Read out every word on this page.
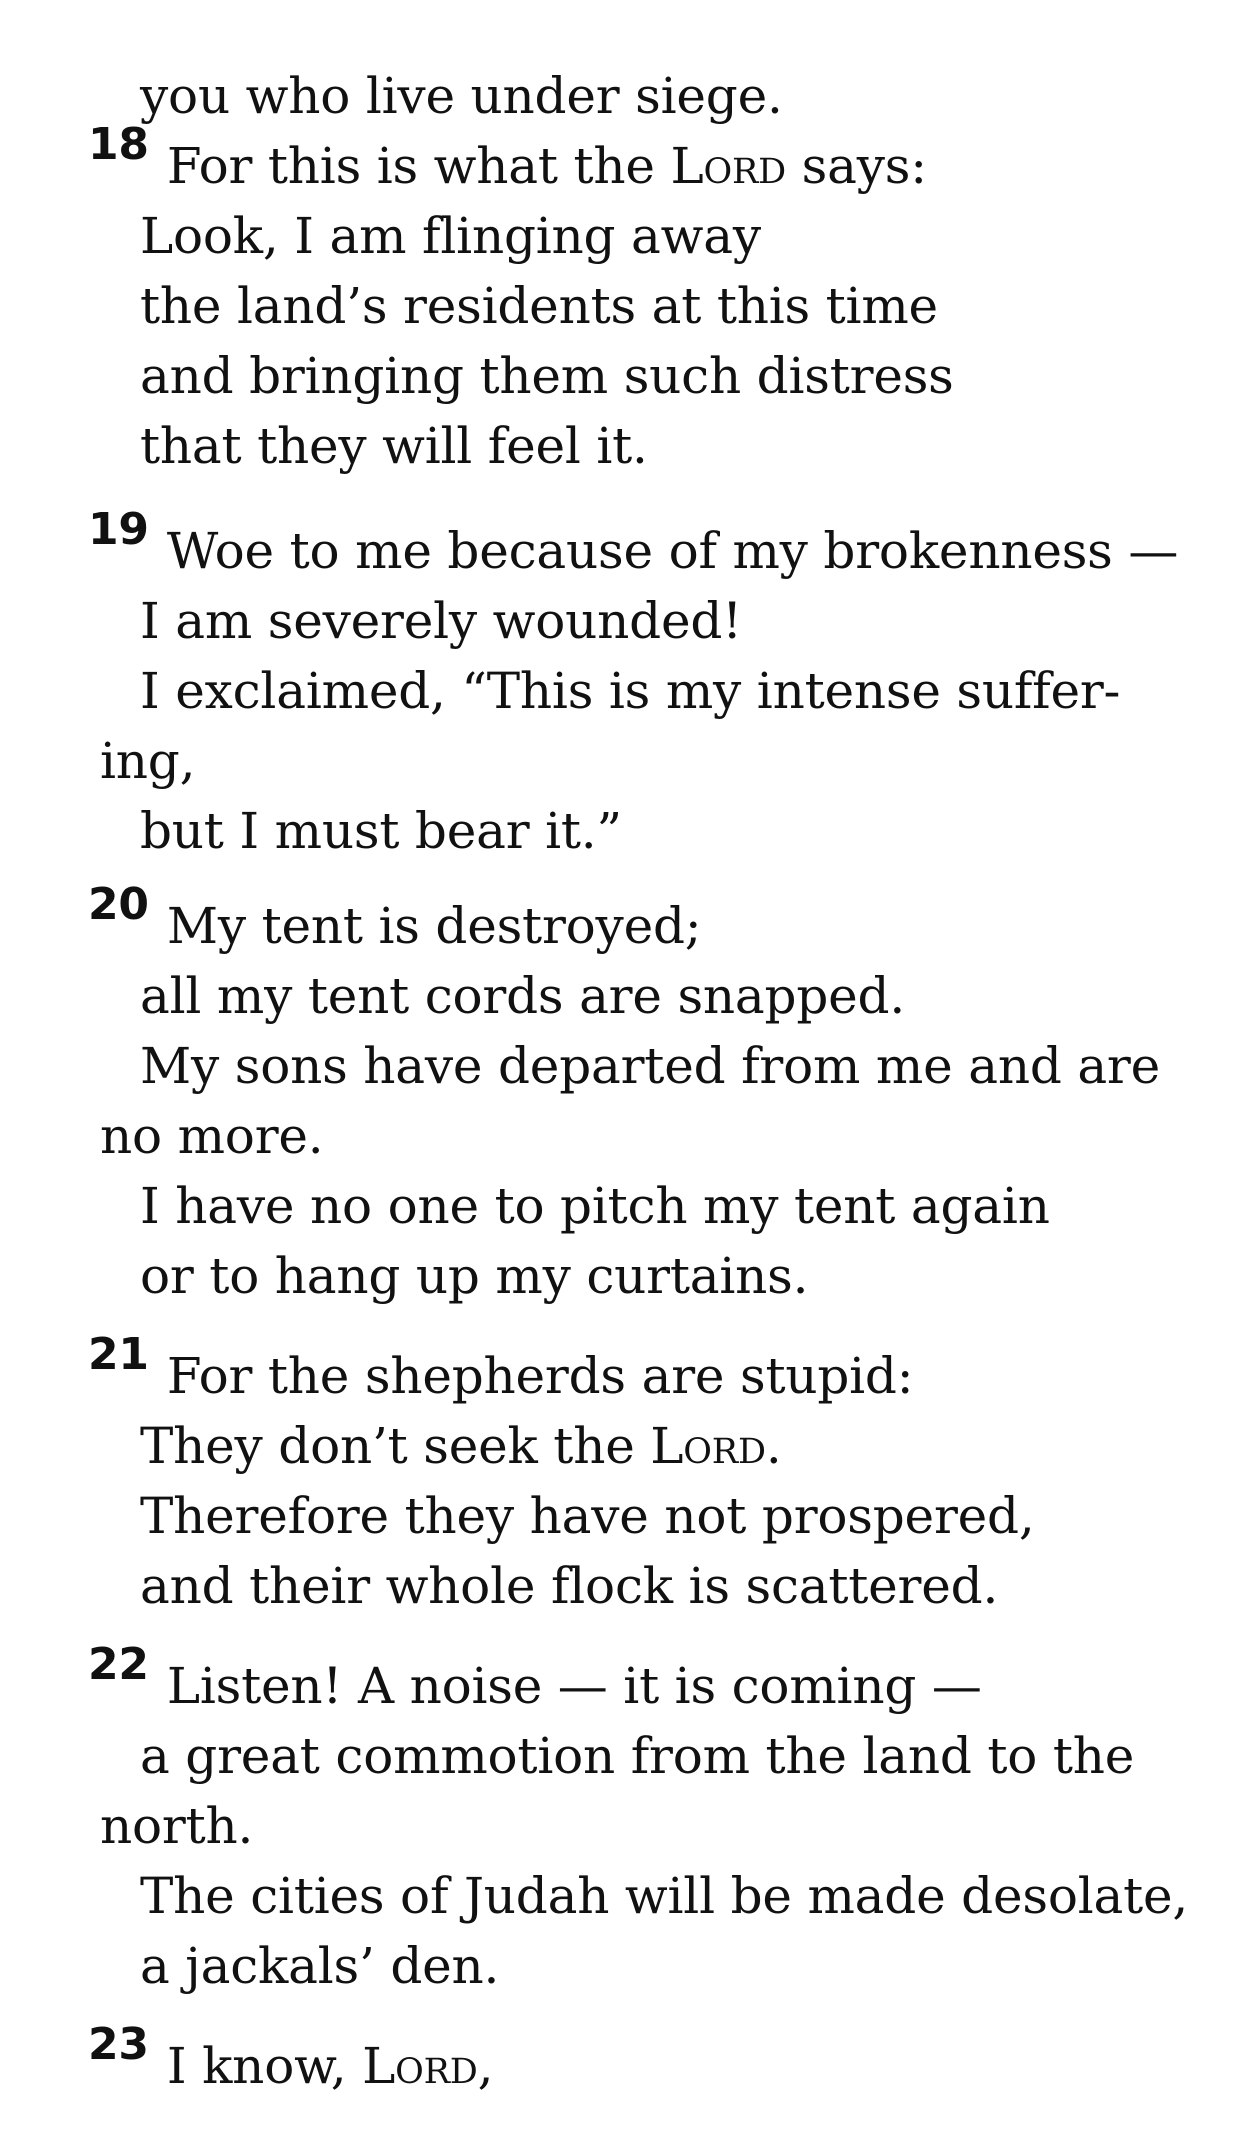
you who live under siege.
18 For this is what the Lord says:
Look, I am flinging away
the land’s residents at this time
and bringing them such distress
that they will feel it.
19 Woe to me because of my brokenness —
I am severely wounded!
I exclaimed, “This is my intense suffer-
ing,
but I must bear it.”
20 My tent is destroyed;
all my tent cords are snapped.
My sons have departed from me and are
no more.
I have no one to pitch my tent again
or to hang up my curtains.
21 For the shepherds are stupid:
They don’t seek the Lord.
Therefore they have not prospered,
and their whole flock is scattered.
22 Listen! A noise — it is coming —
a great commotion from the land to the
north.
The cities of Judah will be made desolate,
a jackals’ den.
23 I know, Lord,
